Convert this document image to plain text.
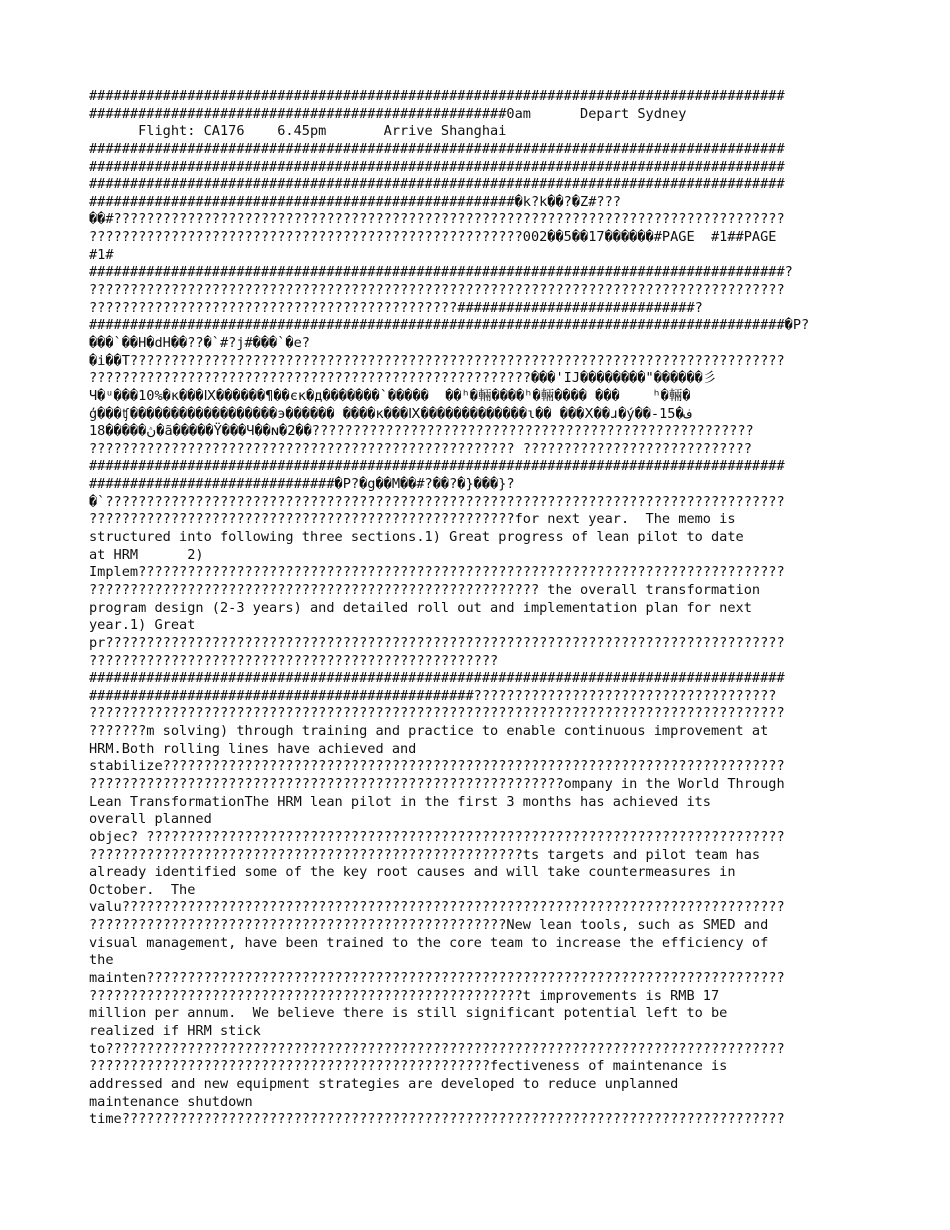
#####################################################################################
###################################################0am      Depart Sydney
Flight: CA176    6.45pm       Arrive Shanghai
#####################################################################################
#####################################################################################
#####################################################################################
####################################################�k?k��?�Z#???
��#??????????????????????????????????????????????????????????????????????????????????
?????????????????????????????????????????????????????002��5��17������#PAGE  #1##PAGE
#1#
#####################################################################################?
?????????????????????????????????????????????????????????????????????????????????????
?????????????????????????????????????????????#############################?
#####################################################################################�P?
���`��H�dH��??�`#?j#���`�e?
�i��T????????????????????????????????????????????????????????????????????????????????
??????????????????????????????????????????????????????���'IJ��������"������彡
Ч�ᵘ���10%�κ���Ⅸ������¶��єκ�д�������`�����  ��ʰ�輛����ʰ�輛���� ���    ʰ�輛�
ģ���ʧ������������������э������ ����κ���Ⅸ�������������ɩ�� ���Ⅹ��ɹ�ý��-15�ف
ڽ�����18�ã�����Ÿ���Ч��ɴ�2��??????????????????????????????????????????????????????
???????????????????????????????????????????????????? ????????????????????????????
#####################################################################################
##############################�P?�g��M��#?��?�}���}?
�`???????????????????????????????????????????????????????????????????????????????????
????????????????????????????????????????????????????for next year.  The memo is
structured into following three sections.1) Great progress of lean pilot to date
at HRM      2)
Implem???????????????????????????????????????????????????????????????????????????????
??????????????????????????????????????????????????????? the overall transformation
program design (2-3 years) and detailed roll out and implementation plan for next
year.1) Great
pr???????????????????????????????????????????????????????????????????????????????????
??????????????????????????????????????????????????
#####################################################################################
###############################################?????????????????????????????????????
?????????????????????????????????????????????????????????????????????????????????????
???????m solving) through training and practice to enable continuous improvement at
HRM.Both rolling lines have achieved and
stabilize????????????????????????????????????????????????????????????????????????????
??????????????????????????????????????????????????????????ompany in the World Through
Lean TransformationThe HRM lean pilot in the first 3 months has achieved its
overall planned
objec? ??????????????????????????????????????????????????????????????????????????????
?????????????????????????????????????????????????????ts targets and pilot team has
already identified some of the key root causes and will take countermeasures in
October.  The
valu?????????????????????????????????????????????????????????????????????????????????
???????????????????????????????????????????????????New lean tools, such as SMED and
visual management, have been trained to the core team to increase the efficiency of
the
mainten??????????????????????????????????????????????????????????????????????????????
?????????????????????????????????????????????????????t improvements is RMB 17
million per annum.  We believe there is still significant potential left to be
realized if HRM stick
to???????????????????????????????????????????????????????????????????????????????????
?????????????????????????????????????????????????fectiveness of maintenance is
addressed and new equipment strategies are developed to reduce unplanned
maintenance shutdown
time?????????????????????????????????????????????????????????????????????????????????
